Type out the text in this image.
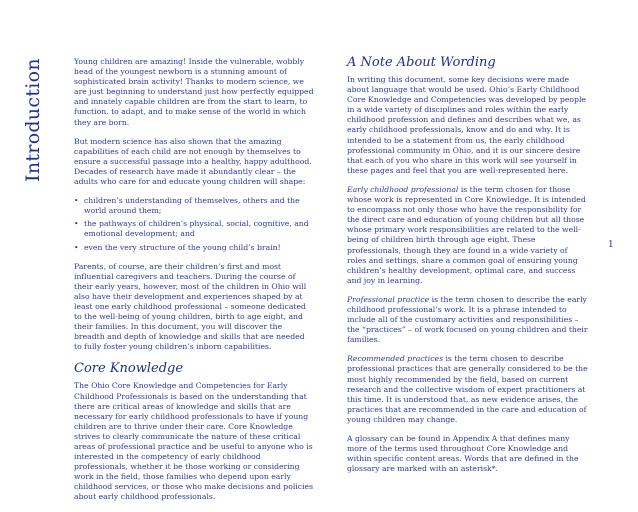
Introduction	Young children are amazing! Inside the vulnerable, wobbly head of the youngest newborn is a stunning amount of sophisticated brain activity! Thanks to modern science, we are just beginning to understand just how perfectly equipped and innately capable children are from the start to learn, to function, to adapt, and to make sense of the world in which they are born.

But modern science has also shown that the amazing capabilities of each child are not enough by themselves to ensure a successful passage into a healthy, happy adulthood. Decades of research have made it abundantly clear – the adults who care for and educate young children will shape:

• children’s understanding of themselves, others and the world around them;
• the pathways of children’s physical, social, cognitive, and emotional development; and
• even the very structure of the young child’s brain!

Parents, of course, are their children’s first and most influential caregivers and teachers. During the course of their early years, however, most of the children in Ohio will also have their development and experiences shaped by at least one early childhood professional – someone dedicated to the well-being of young children, birth to age eight, and their families. In this document, you will discover the breadth and depth of knowledge and skills that are needed to fully foster young children’s inborn capabilities.

Core Knowledge

The Ohio Core Knowledge and Competencies for Early Childhood Professionals is based on the understanding that there are critical areas of knowledge and skills that are necessary for early childhood professionals to have if young children are to thrive under their care. Core Knowledge strives to clearly communicate the nature of these critical areas of professional practice and be useful to anyone who is interested in the competency of early childhood professionals, whether it be those working or considering work in the field, those families who depend upon early childhood services, or those who make decisions and policies about early childhood professionals.

A Note About Wording

In writing this document, some key decisions were made about language that would be used. Ohio’s Early Childhood Core Knowledge and Competencies was developed by people in a wide variety of disciplines and roles within the early childhood profession and defines and describes what we, as early childhood professionals, know and do and why. It is intended to be a statement from us, the early childhood professional community in Ohio, and it is our sincere desire that each of you who share in this work will see yourself in these pages and feel that you are well-represented here.

Early childhood professional is the term chosen for those whose work is represented in Core Knowledge. It is intended to encompass not only those who have the responsibility for the direct care and education of young children but all those whose primary work responsibilities are related to the well-being of children birth through age eight. These professionals, though they are found in a wide variety of roles and settings, share a common goal of ensuring young children’s healthy development, optimal care, and success and joy in learning.

Professional practice is the term chosen to describe the early childhood professional’s work. It is a phrase intended to include all of the customary activities and responsibilities – the “practices” – of work focused on young children and their families.

Recommended practices is the term chosen to describe professional practices that are generally considered to be the most highly recommended by the field, based on current research and the collective wisdom of expert practitioners at this time. It is understood that, as new evidence arises, the practices that are recommended in the care and education of young children may change.

A glossary can be found in Appendix A that defines many more of the terms used throughout Core Knowledge and within specific content areas. Words that are defined in the glossary are marked with an asterisk*.

1
